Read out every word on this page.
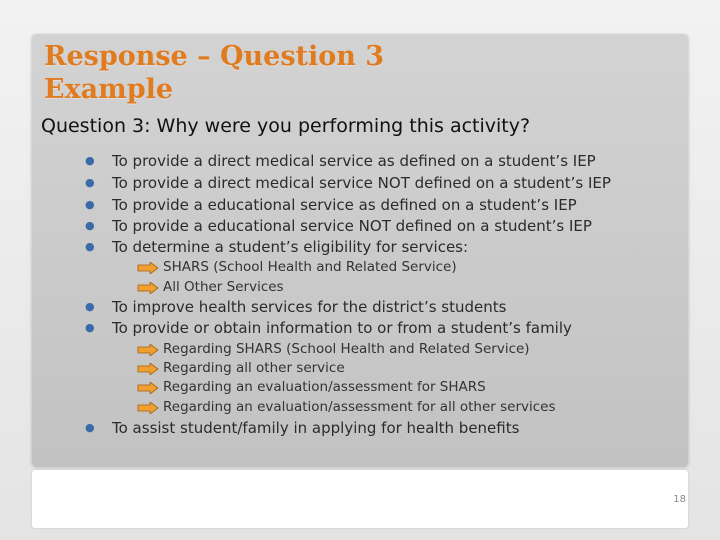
Response – Question 3
Example

Question 3: Why were you performing this activity?

●	To provide a direct medical service as defined on a student’s IEP
●	To provide a direct medical service NOT defined on a student’s IEP
●	To provide a educational service as defined on a student’s IEP
●	To provide a educational service NOT defined on a student’s IEP
●	To determine a student’s eligibility for services:
SHARS (School Health and Related Service)
All Other Services
●	To improve health services for the district’s students
●	To provide or obtain information to or from a student’s family
Regarding SHARS (School Health and Related Service)
Regarding all other service
Regarding an evaluation/assessment for SHARS
Regarding an evaluation/assessment for all other services
●	To assist student/family in applying for health benefits
18
